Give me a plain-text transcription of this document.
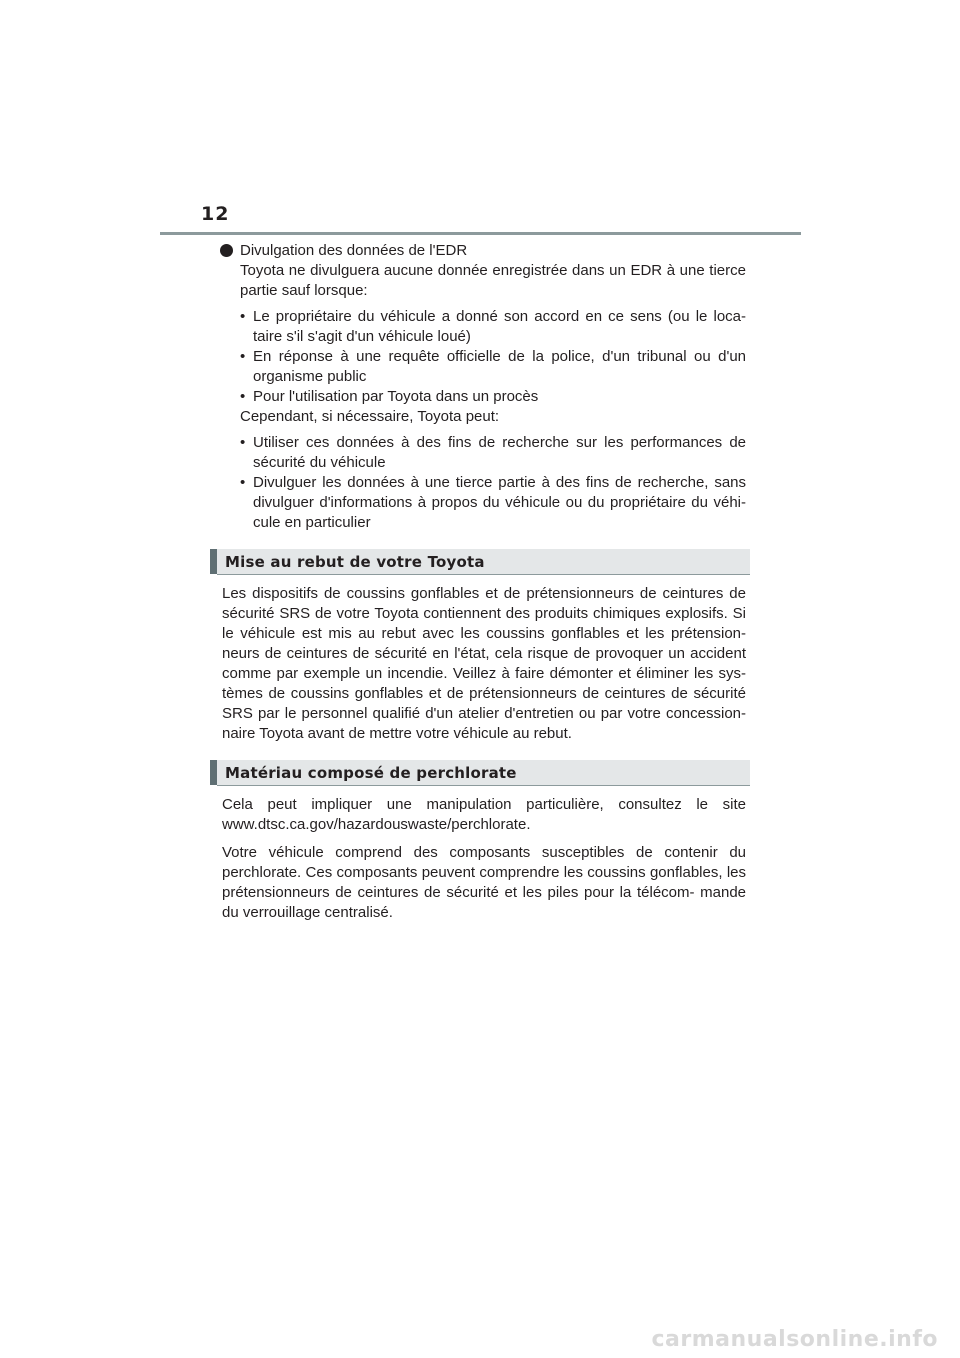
12

Divulgation des données de l'EDR

Toyota ne divulguera aucune donnée enregistrée dans un EDR à une tierce partie sauf lorsque:

• Le propriétaire du véhicule a donné son accord en ce sens (ou le loca- taire s'il s'agit d'un véhicule loué)
• En réponse à une requête officielle de la police, d'un tribunal ou d'un organisme public
• Pour l'utilisation par Toyota dans un procès

Cependant, si nécessaire, Toyota peut:

• Utiliser ces données à des fins de recherche sur les performances de sécurité du véhicule
• Divulguer les données à une tierce partie à des fins de recherche, sans divulguer d'informations à propos du véhicule ou du propriétaire du véhi- cule en particulier
Mise au rebut de votre Toyota

Les dispositifs de coussins gonflables et de prétensionneurs de ceintures de sécurité SRS de votre Toyota contiennent des produits chimiques explosifs. Si le véhicule est mis au rebut avec les coussins gonflables et les prétension- neurs de ceintures de sécurité en l'état, cela risque de provoquer un accident comme par exemple un incendie. Veillez à faire démonter et éliminer les sys- tèmes de coussins gonflables et de prétensionneurs de ceintures de sécurité SRS par le personnel qualifié d'un atelier d'entretien ou par votre concession- naire Toyota avant de mettre votre véhicule au rebut.

Matériau composé de perchlorate

Cela peut impliquer une manipulation particulière, consultez le site www.dtsc.ca.gov/hazardouswaste/perchlorate.

Votre véhicule comprend des composants susceptibles de contenir du perchlorate. Ces composants peuvent comprendre les coussins gonflables, les prétensionneurs de ceintures de sécurité et les piles pour la télécom- mande du verrouillage centralisé.

carmanualsonline.info
